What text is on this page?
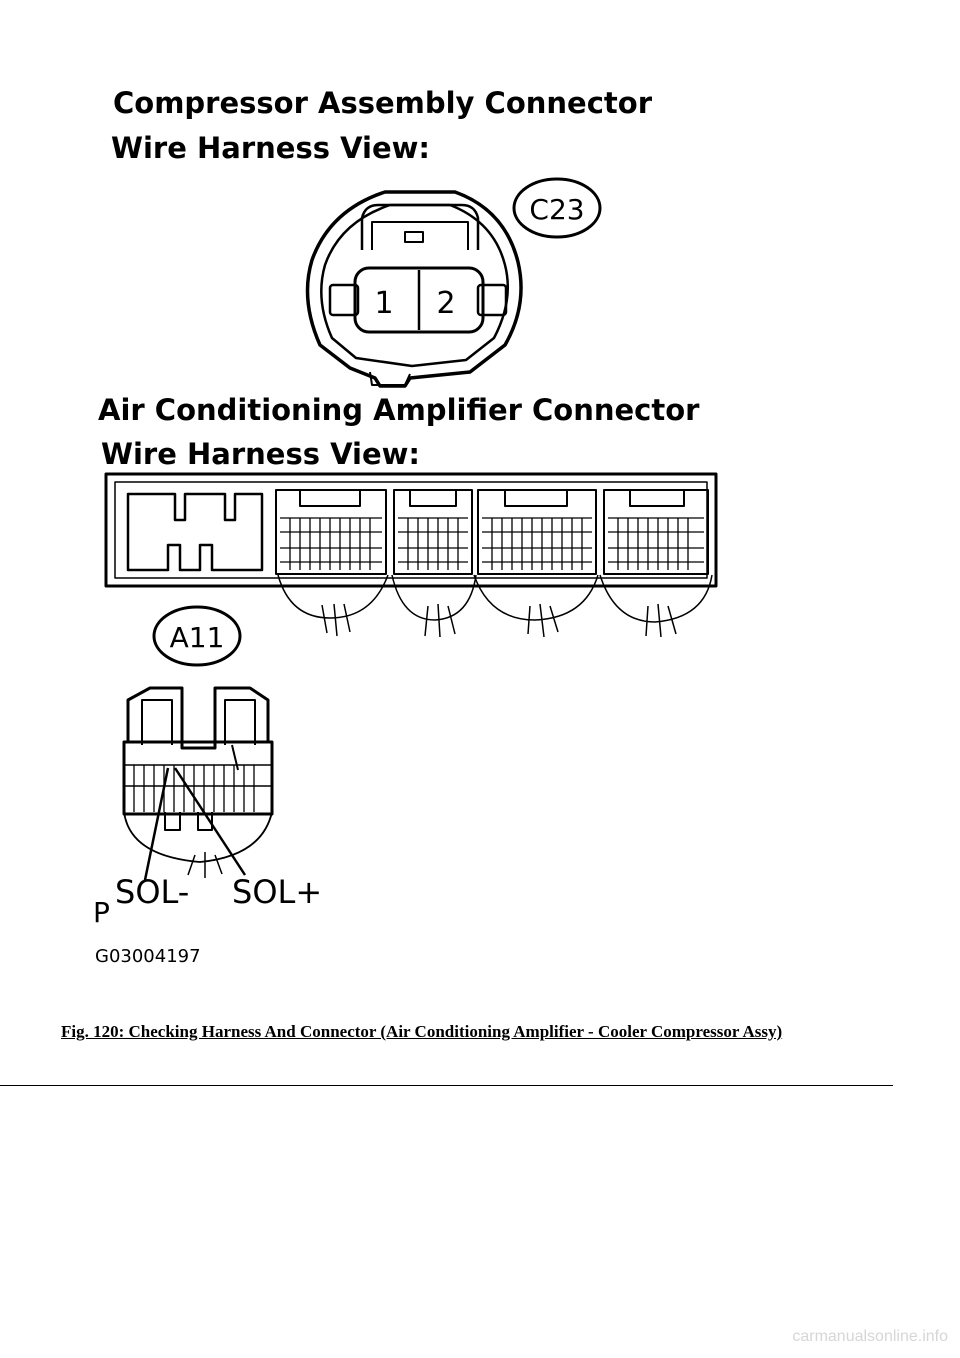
Compressor Assembly Connector
Wire Harness View:
C23
1 2
Air Conditioning Amplifier Connector
Wire Harness View:
A11
P
SOL- SOL+
G03004197
Fig. 120: Checking Harness And Connector (Air Conditioning Amplifier - Cooler Compressor Assy)
carmanualsonline.info
